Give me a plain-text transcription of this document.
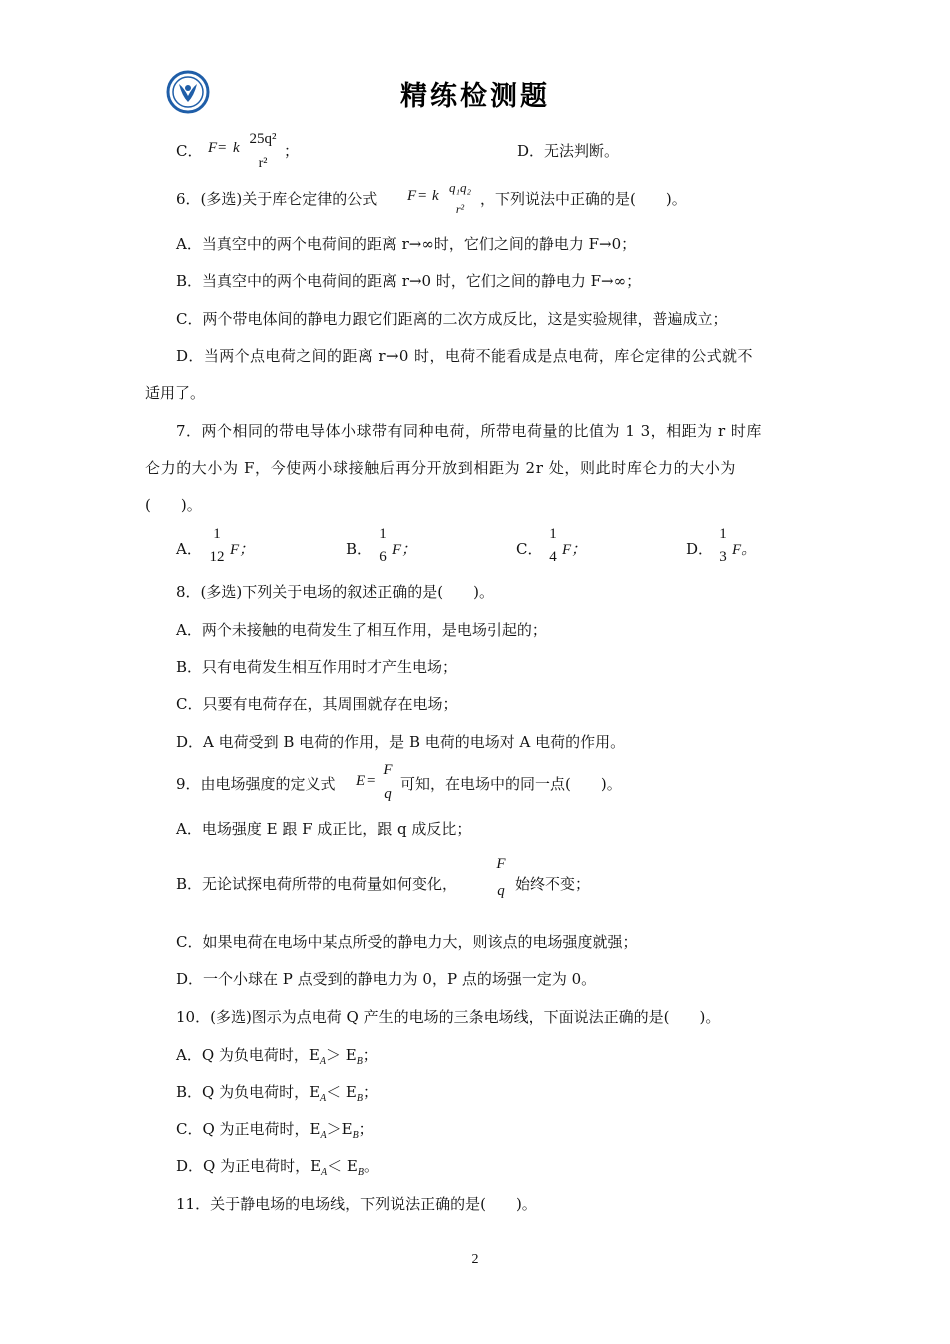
精练检测题
C． F = k
25q²
r²
；	D．无法判断。
6．(多选)关于库仑定律的公式 F = k
q₁q₂
r²
，下列说法中正确的是(　　)。
A．当真空中的两个电荷间的距离 r→∞时，它们之间的静电力 F→0；
B．当真空中的两个电荷间的距离 r→0 时，它们之间的静电力 F→∞；
C．两个带电体间的静电力跟它们距离的二次方成反比，这是实验规律，普遍成立；
D．当两个点电荷之间的距离 r→0 时，电荷不能看成是点电荷，库仑定律的公式就不
适用了。
7．两个相同的带电导体小球带有同种电荷，所带电荷量的比值为 1 3，相距为 r 时库
仑力的大小为 F，今使两小球接触后再分开放到相距为 2r 处，则此时库仑力的大小为
(　　)。
A．
1
12 F；	B．
1
6 F；	C．
1
4 F；	D．
1
3 F。
8．(多选)下列关于电场的叙述正确的是(　　)。
A．两个未接触的电荷发生了相互作用，是电场引起的；
B．只有电荷发生相互作用时才产生电场；
C．只要有电荷存在，其周围就存在电场；
D．A 电荷受到 B 电荷的作用，是 B 电荷的电场对 A 电荷的作用。
9．由电场强度的定义式 E =
F
q
可知，在电场中的同一点(　　)。
A．电场强度 E 跟 F 成正比，跟 q 成反比；
B．无论试探电荷所带的电荷量如何变化，
F
q 始终不变；
C．如果电荷在电场中某点所受的静电力大，则该点的电场强度就强；
D．一个小球在 P 点受到的静电力为 0，P 点的场强一定为 0。
10．(多选)图示为点电荷 Q 产生的电场的三条电场线，下面说法正确的是(　　)。
A．Q 为负电荷时，$E_A> E_B$；
B．Q 为负电荷时，$E_A< E_B$；
C．Q 为正电荷时，$E_A>E_B$；
D．Q 为正电荷时，$E_A< E_B$。
11．关于静电场的电场线，下列说法正确的是(　　)。
2
